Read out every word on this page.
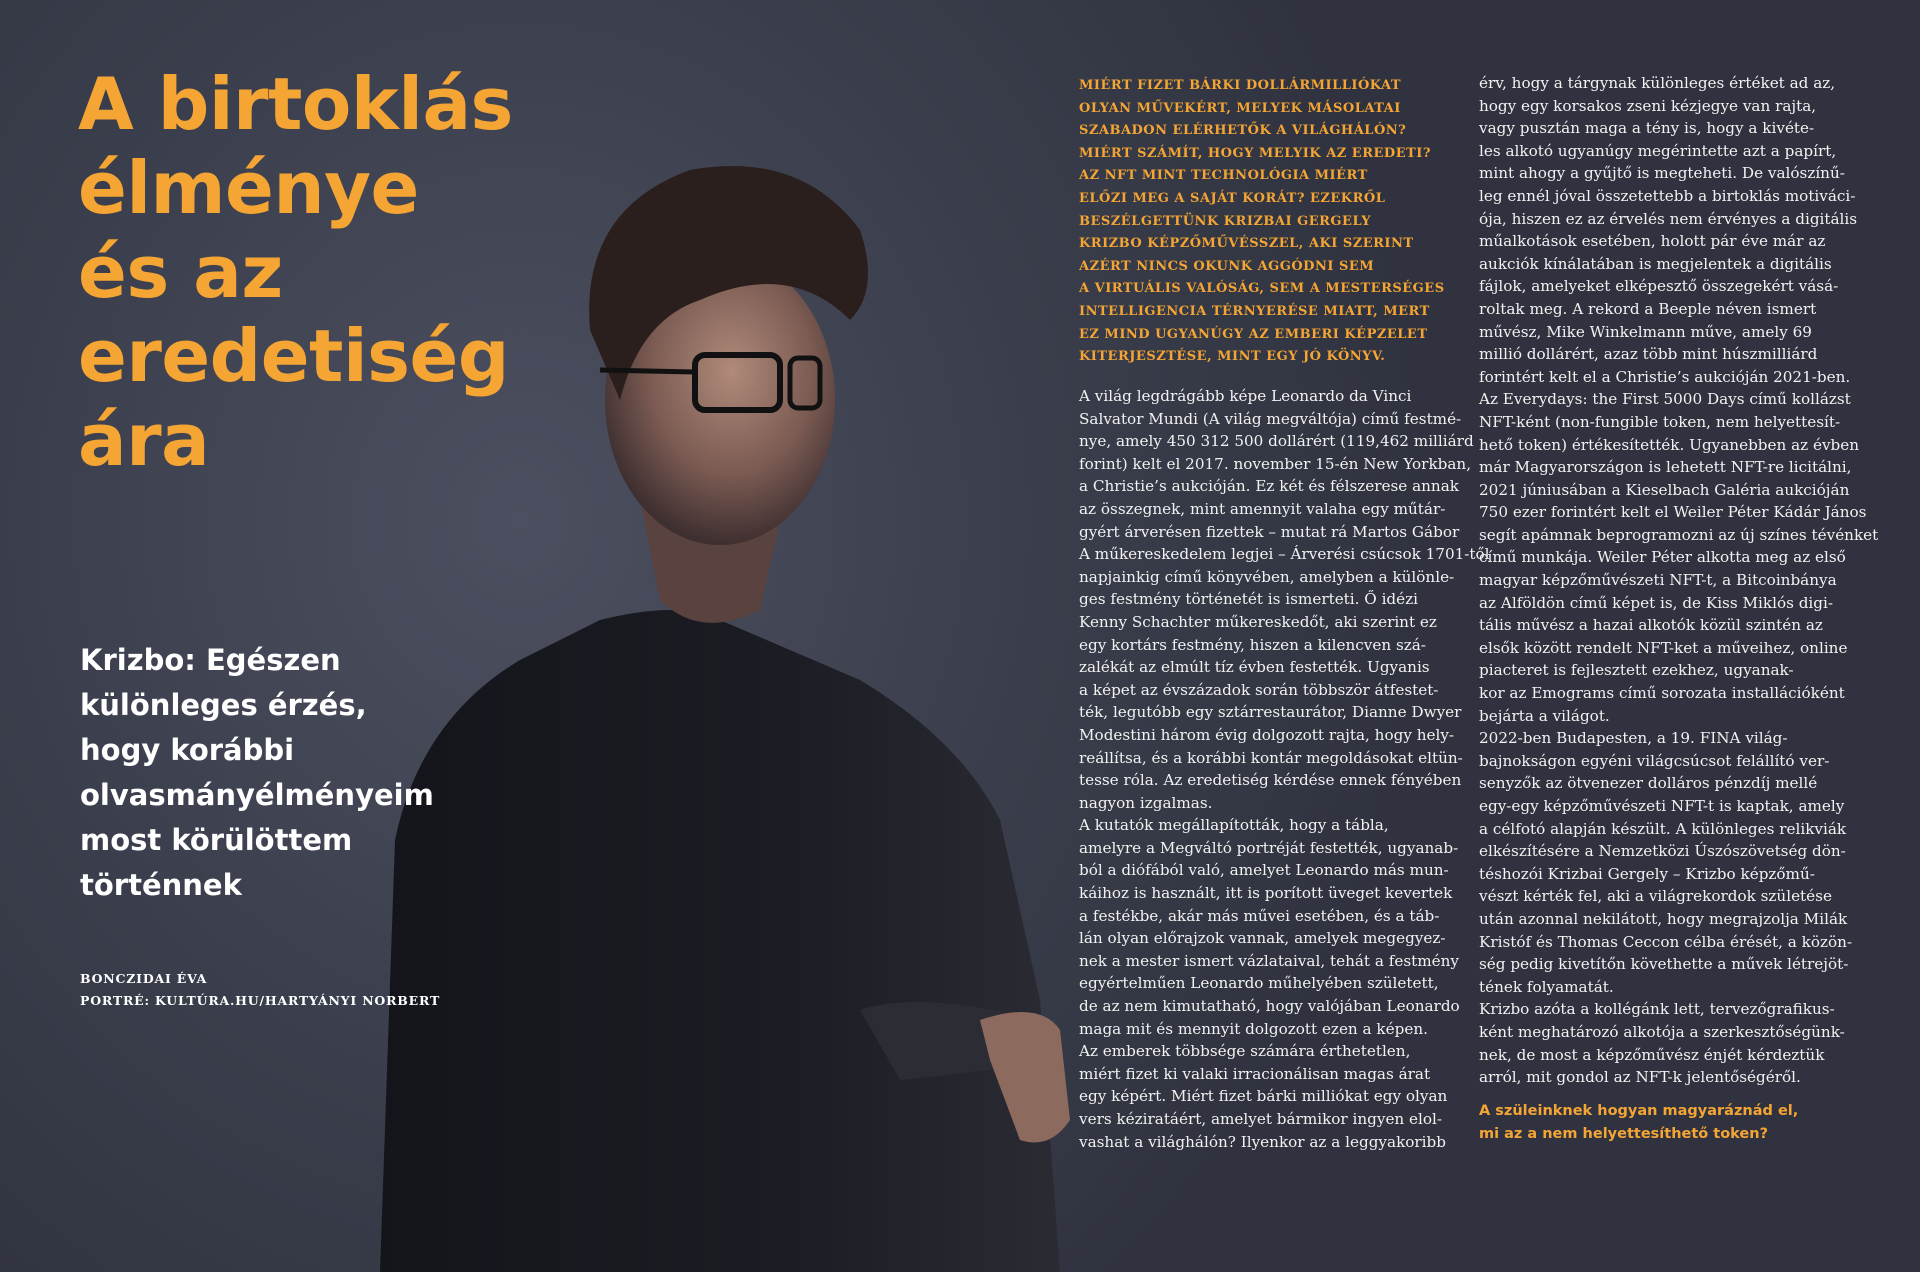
A birtoklás
élménye
és az
eredetiség
ára
Krizbo: Egészen
különleges érzés,
hogy korábbi
olvasmányélményeim
most körülöttem
történnek
BONCZIDAI ÉVA
PORTRÉ: KULTÚRA.HU/HARTYÁNYI NORBERT
MIÉRT FIZET BÁRKI DOLLÁRMILLIÓKAT
OLYAN MŰVEKÉRT, MELYEK MÁSOLATAI
SZABADON ELÉRHETŐK A VILÁGHÁLÓN?
MIÉRT SZÁMÍT, HOGY MELYIK AZ EREDETI?
AZ NFT MINT TECHNOLÓGIA MIÉRT
ELŐZI MEG A SAJÁT KORÁT? EZEKRŐL
BESZÉLGETTÜNK KRIZBAI GERGELY
KRIZBO KÉPZŐMŰVÉSSZEL, AKI SZERINT
AZÉRT NINCS OKUNK AGGÓDNI SEM
A VIRTUÁLIS VALÓSÁG, SEM A MESTERSÉGES
INTELLIGENCIA TÉRNYERÉSE MIATT, MERT
EZ MIND UGYANÚGY AZ EMBERI KÉPZELET
KITERJESZTÉSE, MINT EGY JÓ KÖNYV.
A világ legdrágább képe Leonardo da Vinci
Salvator Mundi (A világ megváltója) című festmé-
nye, amely 450 312 500 dollárért (119,462 milliárd
forint) kelt el 2017. november 15-én New Yorkban,
a Christie’s aukcióján. Ez két és félszerese annak
az összegnek, mint amennyit valaha egy műtár-
gyért árverésen fizettek – mutat rá Martos Gábor
A műkereskedelem legjei – Árverési csúcsok 1701-től
napjainkig című könyvében, amelyben a különle-
ges festmény történetét is ismerteti. Ő idézi
Kenny Schachter műkereskedőt, aki szerint ez
egy kortárs festmény, hiszen a kilencven szá-
zalékát az elmúlt tíz évben festették. Ugyanis
a képet az évszázadok során többször átfestet-
ték, legutóbb egy sztárrestaurátor, Dianne Dwyer
Modestini három évig dolgozott rajta, hogy hely-
reállítsa, és a korábbi kontár megoldásokat eltün-
tesse róla. Az eredetiség kérdése ennek fényében
nagyon izgalmas.
A kutatók megállapították, hogy a tábla,
amelyre a Megváltó portréját festették, ugyanab-
ból a diófából való, amelyet Leonardo más mun-
káihoz is használt, itt is porított üveget kevertek
a festékbe, akár más művei esetében, és a táb-
lán olyan előrajzok vannak, amelyek megegyez-
nek a mester ismert vázlataival, tehát a festmény
egyértelműen Leonardo műhelyében született,
de az nem kimutatható, hogy valójában Leonardo
maga mit és mennyit dolgozott ezen a képen.
Az emberek többsége számára érthetetlen,
miért fizet ki valaki irracionálisan magas árat
egy képért. Miért fizet bárki milliókat egy olyan
vers kéziratáért, amelyet bármikor ingyen elol-
vashat a világhálón? Ilyenkor az a leggyakoribb
érv, hogy a tárgynak különleges értéket ad az,
hogy egy korsakos zseni kézjegye van rajta,
vagy pusztán maga a tény is, hogy a kivéte-
les alkotó ugyanúgy megérintette azt a papírt,
mint ahogy a gyűjtő is megteheti. De valószínű-
leg ennél jóval összetettebb a birtoklás motiváci-
ója, hiszen ez az érvelés nem érvényes a digitális
műalkotások esetében, holott pár éve már az
aukciók kínálatában is megjelentek a digitális
fájlok, amelyeket elképesztő összegekért vásá-
roltak meg. A rekord a Beeple néven ismert
művész, Mike Winkelmann műve, amely 69
millió dollárért, azaz több mint húszmilliárd
forintért kelt el a Christie’s aukcióján 2021-ben.
Az Everydays: the First 5000 Days című kollázst
NFT-ként (non-fungible token, nem helyettesít-
hető token) értékesítették. Ugyanebben az évben
már Magyarországon is lehetett NFT-re licitálni,
2021 júniusában a Kieselbach Galéria aukcióján
750 ezer forintért kelt el Weiler Péter Kádár János
segít apámnak beprogramozni az új színes tévénket
című munkája. Weiler Péter alkotta meg az első
magyar képzőművészeti NFT-t, a Bitcoinbánya
az Alföldön című képet is, de Kiss Miklós digi-
tális művész a hazai alkotók közül szintén az
elsők között rendelt NFT-ket a műveihez, online
piacteret is fejlesztett ezekhez, ugyanak-
kor az Emograms című sorozata installációként
bejárta a világot.
2022-ben Budapesten, a 19. FINA világ-
bajnokságon egyéni világcsúcsot felállító ver-
senyzők az ötvenezer dolláros pénzdíj mellé
egy-egy képzőművészeti NFT-t is kaptak, amely
a célfotó alapján készült. A különleges relikviák
elkészítésére a Nemzetközi Úszószövetség dön-
téshozói Krizbai Gergely – Krizbo képzőmű-
vészt kérték fel, aki a világrekordok születése
után azonnal nekilátott, hogy megrajzolja Milák
Kristóf és Thomas Ceccon célba érését, a közön-
ség pedig kivetítőn követhette a művek létrejöt-
tének folyamatát.
Krizbo azóta a kollégánk lett, tervezőgrafikus-
ként meghatározó alkotója a szerkesztőségünk-
nek, de most a képzőművész énjét kérdeztük
arról, mit gondol az NFT-k jelentőségéről.
A szüleinknek hogyan magyaráznád el,
mi az a nem helyettesíthető token?
